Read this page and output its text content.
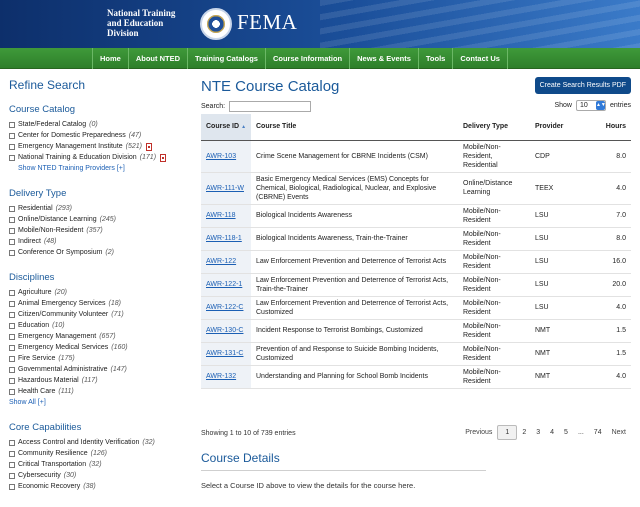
National Training
and Education
Division	FEMA
Home	About NTED	Training Catalogs	Course Information	News & Events	Tools	Contact Us
Refine Search
Course Catalog
State/Federal Catalog (0)
Center for Domestic Preparedness (47)
Emergency Management Institute (521)
National Training & Education Division (171)
Show NTED Training Providers [+]
Delivery Type
Residential (293)
Online/Distance Learning (245)
Mobile/Non-Resident (357)
Indirect (48)
Conference Or Symposium (2)
Disciplines
Agriculture (20)
Animal Emergency Services (18)
Citizen/Community Volunteer (71)
Education (10)
Emergency Management (657)
Emergency Medical Services (160)
Fire Service (175)
Governmental Administrative (147)
Hazardous Material (117)
Health Care (111)
Show All [+]
Core Capabilities
Access Control and Identity Verification (32)
Community Resilience (126)
Critical Transportation (32)
Cybersecurity (30)
Economic Recovery (38)
NTE Course Catalog	Create Search Results PDF
Search:	Show	10 ▲▼ entries
Course ID ▲	Course Title	Delivery Type	Provider	Hours
AWR-103	Crime Scene Management for CBRNE Incidents (CSM)	Mobile/Non-Resident, Residential	CDP	8.0
AWR-111-W	Basic Emergency Medical Services (EMS) Concepts for Chemical, Biological, Radiological, Nuclear, and Explosive (CBRNE) Events	Online/Distance Learning	TEEX	4.0
AWR-118	Biological Incidents Awareness	Mobile/Non-Resident	LSU	7.0
AWR-118-1	Biological Incidents Awareness, Train-the-Trainer	Mobile/Non-Resident	LSU	8.0
AWR-122	Law Enforcement Prevention and Deterrence of Terrorist Acts	Mobile/Non-Resident	LSU	16.0
AWR-122-1	Law Enforcement Prevention and Deterrence of Terrorist Acts, Train-the-Trainer	Mobile/Non-Resident	LSU	20.0
AWR-122-C	Law Enforcement Prevention and Deterrence of Terrorist Acts, Customized	Mobile/Non-Resident	LSU	4.0
AWR-130-C	Incident Response to Terrorist Bombings, Customized	Mobile/Non-Resident	NMT	1.5
AWR-131-C	Prevention of and Response to Suicide Bombing Incidents, Customized	Mobile/Non-Resident	NMT	1.5
AWR-132	Understanding and Planning for School Bomb Incidents	Mobile/Non-Resident	NMT	4.0
Showing 1 to 10 of 739 entries	Previous	1	2	3	4	5	...	74	Next
Course Details
Select a Course ID above to view the details for the course here.
